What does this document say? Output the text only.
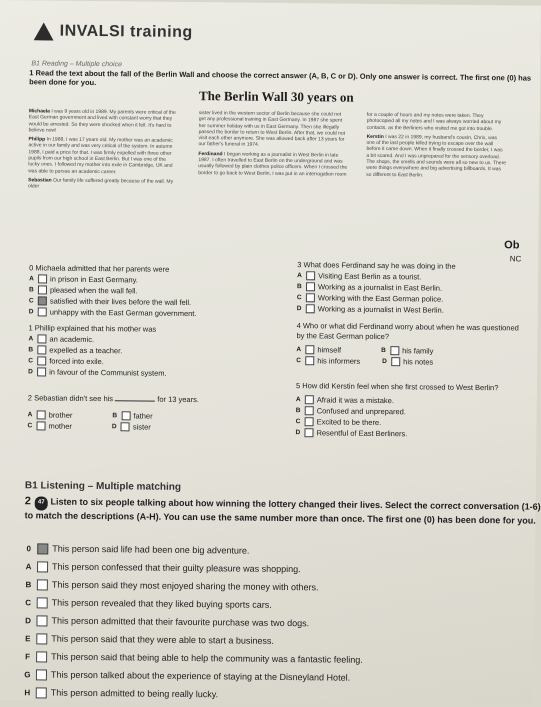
INVALSI training
B1 Reading – Multiple choice
1 Read the text about the fall of the Berlin Wall and choose the correct answer (A, B, C or D). Only one answer is correct. The first one (0) has been done for you.
The Berlin Wall 30 years on

Michaela I was 9 years old in 1989. My parents were critical of the East German government and lived with constant worry that they would be arrested. So they were shocked when it fell. It's hard to believe now!

Philipp In 1988, I was 17 years old. My mother was an academic active in our family and was very critical of the system. In autumn 1988, I paid a price for that. I was firmly expelled with three other pupils from our high school in East Berlin. But I was one of the lucky ones. I followed my mother into exile in Cambridge, UK and was able to pursue an academic career.

Sebastian Our family life suffered greatly because of the wall. My older

sister lived in the western sector of Berlin because she could not get any professional training in East Germany. In 1987 she spent her summer holiday with us in East Germany. Then she illegally passed the border to return to West Berlin. After that, we could not visit each other anymore. She was allowed back after 13 years for our father's funeral in 1974.

Ferdinand I began working as a journalist in West Berlin in late 1987. I often travelled to East Berlin on the underground and was usually followed by plain clothes police officers. When I crossed the border to go back to West Berlin, I was put in an interrogation room

for a couple of hours and my notes were taken. They photocopied all my notes and I was always worried about my contacts, as the Berliners who visited me got into trouble.

Kerstin I was 22 in 1989, my husband's cousin, Chris, was one of the last people killed trying to escape over the wall before it came down. When it finally crossed the border, I was a bit scared. And I was unprepared for the sensory overload. The shops, the smells and sounds were all so new to us. There were things everywhere and big advertising billboards. It was so different to East Berlin.

Ob
NC
0 Michaela admitted that her parents were
A in prison in East Germany.
B pleased when the wall fell.
C satisfied with their lives before the wall fell.
D unhappy with the East German government.
1 Phillip explained that his mother was
A an academic.
B expelled as a teacher.
C forced into exile.
D in favour of the Communist system.
2 Sebastian didn't see his	for 13 years.
A brother	B father
C mother	D sister
3 What does Ferdinand say he was doing in the
A Visiting East Berlin as a tourist.
B Working as a journalist in East Berlin.
C Working with the East German police.
D Working as a journalist in West Berlin.
4 Who or what did Ferdinand worry about when he was questioned by the East German police?
A himself	B his family
C his informers	D his notes
5 How did Kerstin feel when she first crossed to West Berlin?
A Afraid it was a mistake.
B Confused and unprepared.
C Excited to be there.
D Resentful of East Berliners.
B1 Listening – Multiple matching
2 47 Listen to six people talking about how winning the lottery changed their lives. Select the correct conversation (1-6) to match the descriptions (A-H). You can use the same number more than once. The first one (0) has been done for you.
0 This person said life had been one big adventure.
A This person confessed that their guilty pleasure was shopping.
B This person said they most enjoyed sharing the money with others.
C This person revealed that they liked buying sports cars.
D This person admitted that their favourite purchase was two dogs.
E This person said that they were able to start a business.
F This person said that being able to help the community was a fantastic feeling.
G This person talked about the experience of staying at the Disneyland Hotel.
H This person admitted to being really lucky.
